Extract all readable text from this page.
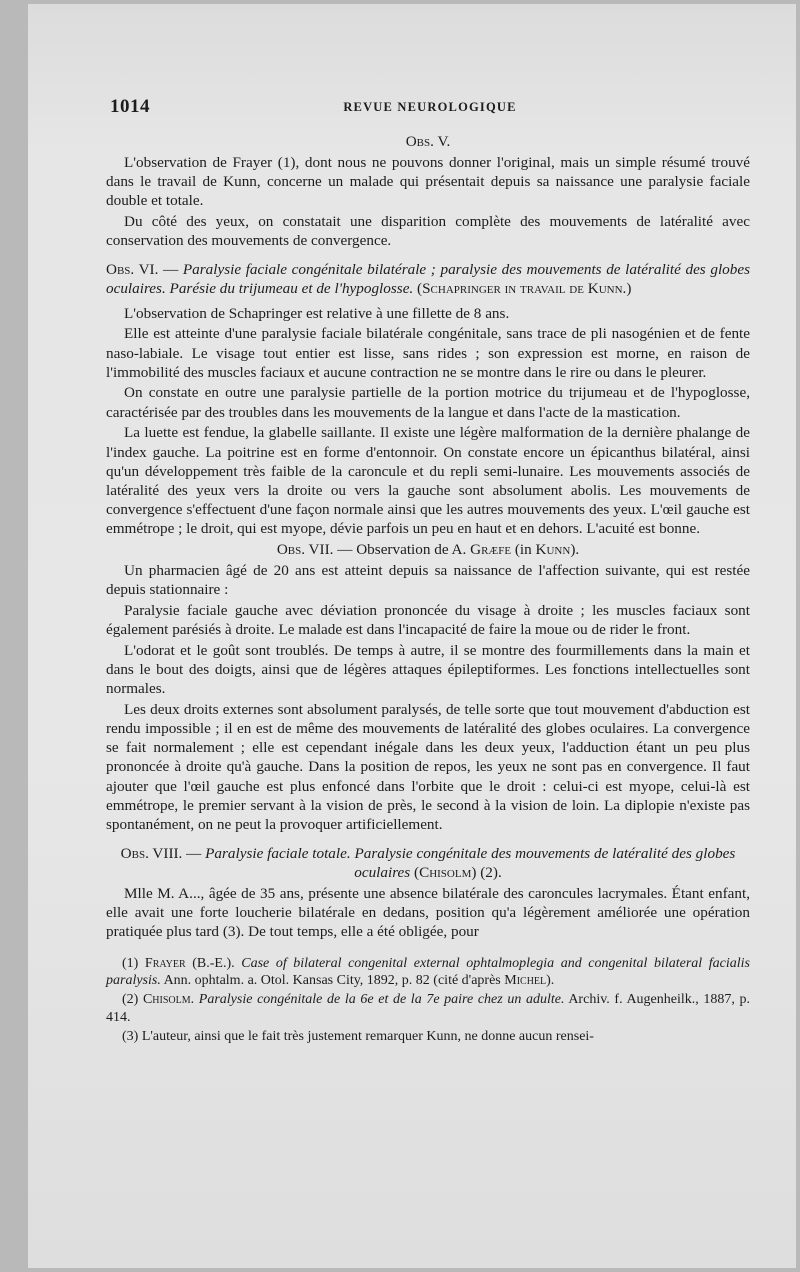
1014	REVUE NEUROLOGIQUE

Obs. V.

L'observation de Frayer (1), dont nous ne pouvons donner l'original, mais un simple résumé trouvé dans le travail de Kunn, concerne un malade qui présentait depuis sa naissance une paralysie faciale double et totale.

Du côté des yeux, on constatait une disparition complète des mouvements de latéralité avec conservation des mouvements de convergence.

Obs. VI. — Paralysie faciale congénitale bilatérale ; paralysie des mouvements de latéralité des globes oculaires. Parésie du trijumeau et de l'hypoglosse. (Schapringer in travail de Kunn.)

L'observation de Schapringer est relative à une fillette de 8 ans.

Elle est atteinte d'une paralysie faciale bilatérale congénitale, sans trace de pli nasogénien et de fente naso-labiale. Le visage tout entier est lisse, sans rides ; son expression est morne, en raison de l'immobilité des muscles faciaux et aucune contraction ne se montre dans le rire ou dans le pleurer.

On constate en outre une paralysie partielle de la portion motrice du trijumeau et de l'hypoglosse, caractérisée par des troubles dans les mouvements de la langue et dans l'acte de la mastication.

La luette est fendue, la glabelle saillante. Il existe une légère malformation de la dernière phalange de l'index gauche. La poitrine est en forme d'entonnoir. On constate encore un épicanthus bilatéral, ainsi qu'un développement très faible de la caroncule et du repli semi-lunaire. Les mouvements associés de latéralité des yeux vers la droite ou vers la gauche sont absolument abolis. Les mouvements de convergence s'effectuent d'une façon normale ainsi que les autres mouvements des yeux. L'œil gauche est emmétrope ; le droit, qui est myope, dévie parfois un peu en haut et en dehors. L'acuité est bonne.

Obs. VII. — Observation de A. Græfe (in Kunn).

Un pharmacien âgé de 20 ans est atteint depuis sa naissance de l'affection suivante, qui est restée depuis stationnaire :

Paralysie faciale gauche avec déviation prononcée du visage à droite ; les muscles faciaux sont également parésiés à droite. Le malade est dans l'incapacité de faire la moue ou de rider le front.

L'odorat et le goût sont troublés. De temps à autre, il se montre des fourmillements dans la main et dans le bout des doigts, ainsi que de légères attaques épileptiformes. Les fonctions intellectuelles sont normales.

Les deux droits externes sont absolument paralysés, de telle sorte que tout mouvement d'abduction est rendu impossible ; il en est de même des mouvements de latéralité des globes oculaires. La convergence se fait normalement ; elle est cependant inégale dans les deux yeux, l'adduction étant un peu plus prononcée à droite qu'à gauche. Dans la position de repos, les yeux ne sont pas en convergence. Il faut ajouter que l'œil gauche est plus enfoncé dans l'orbite que le droit : celui-ci est myope, celui-là est emmétrope, le premier servant à la vision de près, le second à la vision de loin. La diplopie n'existe pas spontanément, on ne peut la provoquer artificiellement.

Obs. VIII. — Paralysie faciale totale. Paralysie congénitale des mouvements de latéralité des globes oculaires (Chisolm) (2).

Mlle M. A..., âgée de 35 ans, présente une absence bilatérale des caroncules lacrymales. Étant enfant, elle avait une forte loucherie bilatérale en dedans, position qu'a légèrement améliorée une opération pratiquée plus tard (3). De tout temps, elle a été obligée, pour

(1) Frayer (B.-E.). Case of bilateral congenital external ophtalmoplegia and congenital bilateral facialis paralysis. Ann. ophtalm. a. Otol. Kansas City, 1892, p. 82 (cité d'après Michel).

(2) Chisolm. Paralysie congénitale de la 6e et de la 7e paire chez un adulte. Archiv. f. Augenheilk., 1887, p. 414.

(3) L'auteur, ainsi que le fait très justement remarquer Kunn, ne donne aucun rensei-
